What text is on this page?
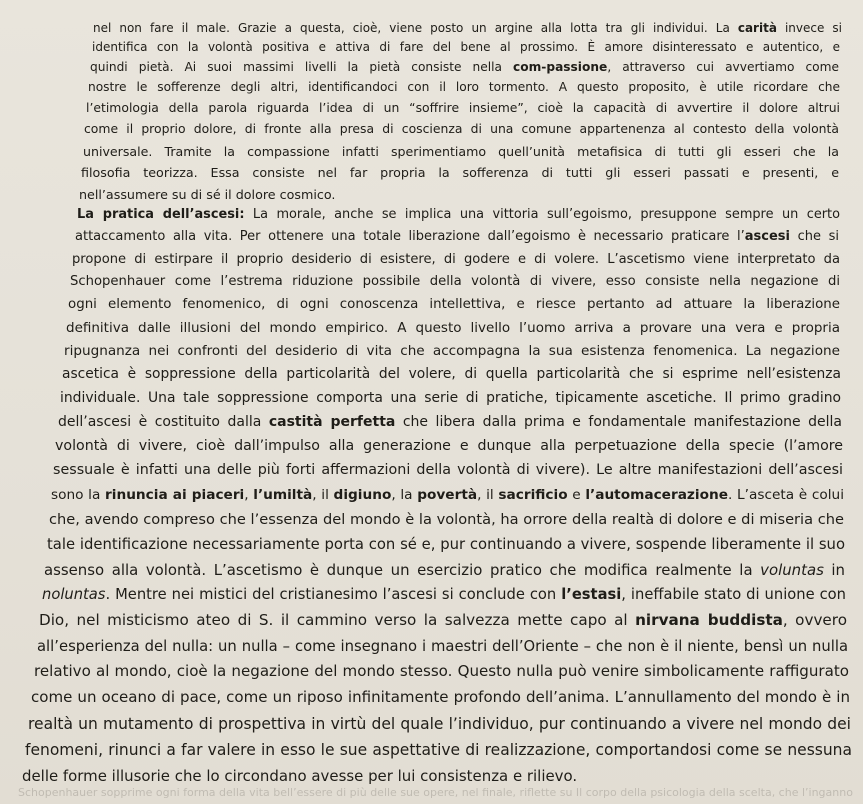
nel non fare il male. Grazie a questa, cioè, viene posto un argine alla lotta tra gli individui. La carità invece si
identifica con la volontà positiva e attiva di fare del bene al prossimo. È amore disinteressato e autentico, e
quindi pietà. Ai suoi massimi livelli la pietà consiste nella com-passione, attraverso cui avvertiamo come
nostre le sofferenze degli altri, identificandoci con il loro tormento. A questo proposito, è utile ricordare che
l’etimologia della parola riguarda l’idea di un “soffrire insieme”, cioè la capacità di avvertire il dolore altrui
come il proprio dolore, di fronte alla presa di coscienza di una comune appartenenza al contesto della volontà
universale. Tramite la compassione infatti sperimentiamo quell’unità metafisica di tutti gli esseri che la
filosofia teorizza. Essa consiste nel far propria la sofferenza di tutti gli esseri passati e presenti, e
nell’assumere su di sé il dolore cosmico.
La pratica dell’ascesi: La morale, anche se implica una vittoria sull’egoismo, presuppone sempre un certo
attaccamento alla vita. Per ottenere una totale liberazione dall’egoismo è necessario praticare l’ascesi che si
propone di estirpare il proprio desiderio di esistere, di godere e di volere. L’ascetismo viene interpretato da
Schopenhauer come l’estrema riduzione possibile della volontà di vivere, esso consiste nella negazione di
ogni elemento fenomenico, di ogni conoscenza intellettiva, e riesce pertanto ad attuare la liberazione
definitiva dalle illusioni del mondo empirico. A questo livello l’uomo arriva a provare una vera e propria
ripugnanza nei confronti del desiderio di vita che accompagna la sua esistenza fenomenica. La negazione
ascetica è soppressione della particolarità del volere, di quella particolarità che si esprime nell’esistenza
individuale. Una tale soppressione comporta una serie di pratiche, tipicamente ascetiche. Il primo gradino
dell’ascesi è costituito dalla castità perfetta che libera dalla prima e fondamentale manifestazione della
volontà di vivere, cioè dall’impulso alla generazione e dunque alla perpetuazione della specie (l’amore
sessuale è infatti una delle più forti affermazioni della volontà di vivere). Le altre manifestazioni dell’ascesi
sono la rinuncia ai piaceri, l’umiltà, il digiuno, la povertà, il sacrificio e l’automacerazione. L’asceta è colui
che, avendo compreso che l’essenza del mondo è la volontà, ha orrore della realtà di dolore e di miseria che
tale identificazione necessariamente porta con sé e, pur continuando a vivere, sospende liberamente il suo
assenso alla volontà. L’ascetismo è dunque un esercizio pratico che modifica realmente la voluntas in
noluntas. Mentre nei mistici del cristianesimo l’ascesi si conclude con l’estasi, ineffabile stato di unione con
Dio, nel misticismo ateo di S. il cammino verso la salvezza mette capo al nirvana buddista, ovvero
all’esperienza del nulla: un nulla – come insegnano i maestri dell’Oriente – che non è il niente, bensì un nulla
relativo al mondo, cioè la negazione del mondo stesso. Questo nulla può venire simbolicamente raffigurato
come un oceano di pace, come un riposo infinitamente profondo dell’anima. L’annullamento del mondo è in
realtà un mutamento di prospettiva in virtù del quale l’individuo, pur continuando a vivere nel mondo dei
fenomeni, rinunci a far valere in esso le sue aspettative di realizzazione, comportandosi come se nessuna
delle forme illusorie che lo circondano avesse per lui consistenza e rilievo.
Schopenhauer sopprime ogni forma della vita bell’essere di più delle sue opere, nel finale, riflette su Il corpo della psicologia della scelta, che l’inganno
